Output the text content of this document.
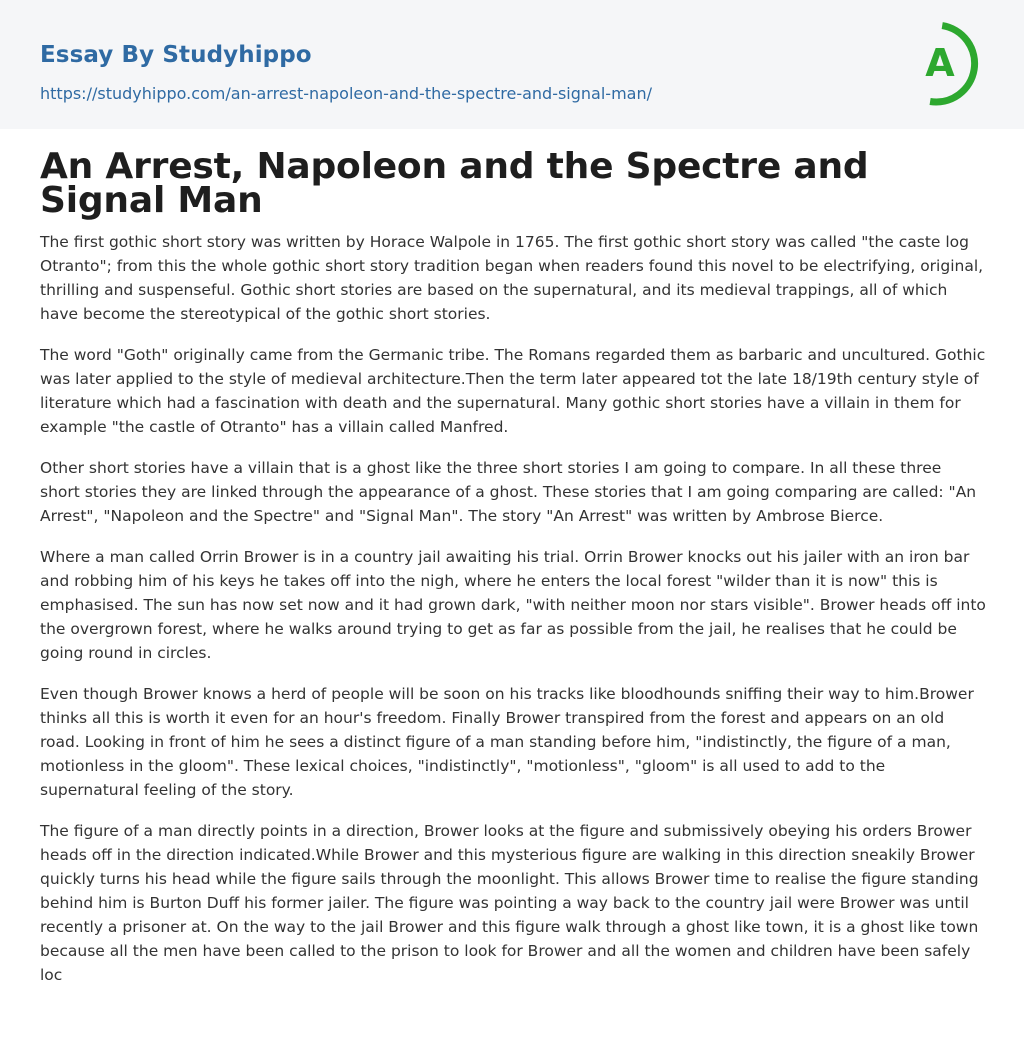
Essay By Studyhippo
https://studyhippo.com/an-arrest-napoleon-and-the-spectre-and-signal-man/
A
An Arrest, Napoleon and the Spectre and Signal Man

The first gothic short story was written by Horace Walpole in 1765. The first gothic short story was called "the caste log Otranto"; from this the whole gothic short story tradition began when readers found this novel to be electrifying, original, thrilling and suspenseful. Gothic short stories are based on the supernatural, and its medieval trappings, all of which have become the stereotypical of the gothic short stories.

The word "Goth" originally came from the Germanic tribe. The Romans regarded them as barbaric and uncultured. Gothic was later applied to the style of medieval architecture.Then the term later appeared tot the late 18/19th century style of literature which had a fascination with death and the supernatural. Many gothic short stories have a villain in them for example "the castle of Otranto" has a villain called Manfred.

Other short stories have a villain that is a ghost like the three short stories I am going to compare. In all these three short stories they are linked through the appearance of a ghost. These stories that I am going comparing are called: "An Arrest", "Napoleon and the Spectre" and "Signal Man". The story "An Arrest" was written by Ambrose Bierce.

Where a man called Orrin Brower is in a country jail awaiting his trial. Orrin Brower knocks out his jailer with an iron bar and robbing him of his keys he takes off into the nigh, where he enters the local forest "wilder than it is now" this is emphasised. The sun has now set now and it had grown dark, "with neither moon nor stars visible". Brower heads off into the overgrown forest, where he walks around trying to get as far as possible from the jail, he realises that he could be going round in circles.

Even though Brower knows a herd of people will be soon on his tracks like bloodhounds sniffing their way to him.Brower thinks all this is worth it even for an hour's freedom. Finally Brower transpired from the forest and appears on an old road. Looking in front of him he sees a distinct figure of a man standing before him, "indistinctly, the figure of a man, motionless in the gloom". These lexical choices, "indistinctly", "motionless", "gloom" is all used to add to the supernatural feeling of the story.

The figure of a man directly points in a direction, Brower looks at the figure and submissively obeying his orders Brower heads off in the direction indicated.While Brower and this mysterious figure are walking in this direction sneakily Brower quickly turns his head while the figure sails through the moonlight. This allows Brower time to realise the figure standing behind him is Burton Duff his former jailer. The figure was pointing a way back to the country jail were Brower was until recently a prisoner at. On the way to the jail Brower and this figure walk through a ghost like town, it is a ghost like town because all the men have been called to the prison to look for Brower and all the women and children have been safely loc
